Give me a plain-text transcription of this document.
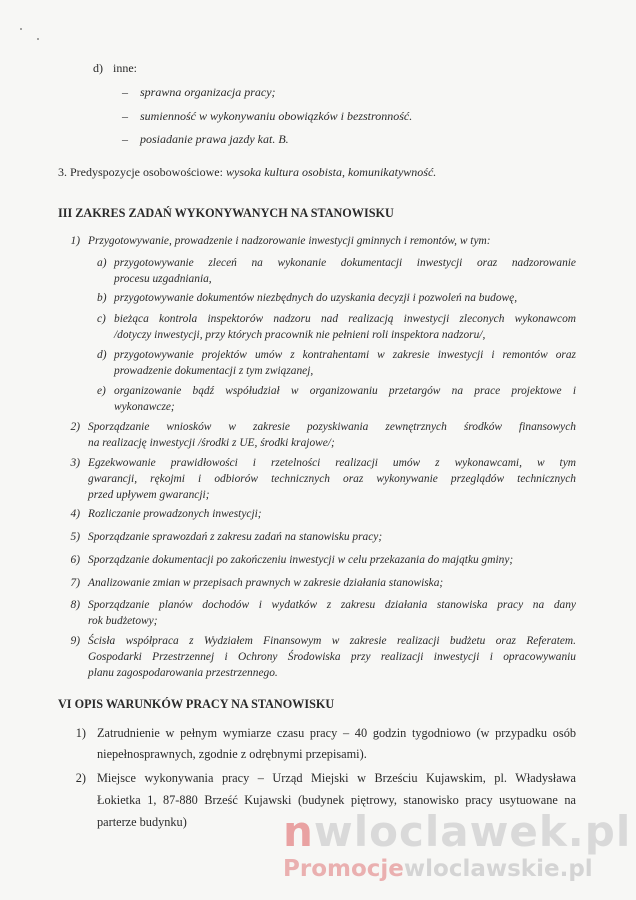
d) inne:
– sprawna organizacja pracy;
– sumienność w wykonywaniu obowiązków i bezstronność.
– posiadanie prawa jazdy kat. B.
3. Predyspozycje osobowościowe: wysoka kultura osobista, komunikatywność.
III ZAKRES ZADAŃ WYKONYWANYCH NA STANOWISKU
1) Przygotowywanie, prowadzenie i nadzorowanie inwestycji gminnych i remontów, w tym:
a) przygotowywanie zleceń na wykonanie dokumentacji inwestycji oraz nadzorowanie
procesu uzgadniania,
b) przygotowywanie dokumentów niezbędnych do uzyskania decyzji i pozwoleń na budowę,
c) bieżąca kontrola inspektorów nadzoru nad realizacją inwestycji zleconych wykonawcom
/dotyczy inwestycji, przy których pracownik nie pełnieni roli inspektora nadzoru/,
d) przygotowywanie projektów umów z kontrahentami w zakresie inwestycji i remontów oraz
prowadzenie dokumentacji z tym związanej,
e) organizowanie bądź współudział w organizowaniu przetargów na prace projektowe i
wykonawcze;
2) Sporządzanie wniosków w zakresie pozyskiwania zewnętrznych środków finansowych
na realizację inwestycji /środki z UE, środki krajowe/;
3) Egzekwowanie prawidłowości i rzetelności realizacji umów z wykonawcami, w tym
gwarancji, rękojmi i odbiorów technicznych oraz wykonywanie przeglądów technicznych
przed upływem gwarancji;
4) Rozliczanie prowadzonych inwestycji;
5) Sporządzanie sprawozdań z zakresu zadań na stanowisku pracy;
6) Sporządzanie dokumentacji po zakończeniu inwestycji w celu przekazania do majątku gminy;
7) Analizowanie zmian w przepisach prawnych w zakresie działania stanowiska;
8) Sporządzanie planów dochodów i wydatków z zakresu działania stanowiska pracy na dany
rok budżetowy;
9) Ścisła współpraca z Wydziałem Finansowym w zakresie realizacji budżetu oraz Referatem.
Gospodarki Przestrzennej i Ochrony Środowiska przy realizacji inwestycji i opracowywaniu
planu zagospodarowania przestrzennego.
VI OPIS WARUNKÓW PRACY NA STANOWISKU
1) Zatrudnienie w pełnym wymiarze czasu pracy – 40 godzin tygodniowo (w przypadku osób
niepełnosprawnych, zgodnie z odrębnymi przepisami).
2) Miejsce wykonywania pracy – Urząd Miejski w Brześciu Kujawskim, pl. Władysława
Łokietka 1, 87-880 Brześć Kujawski (budynek piętrowy, stanowisko pracy usytuowane na
parterze budynku) nwloclawek.pl
Promocjewloclawskie.pl
